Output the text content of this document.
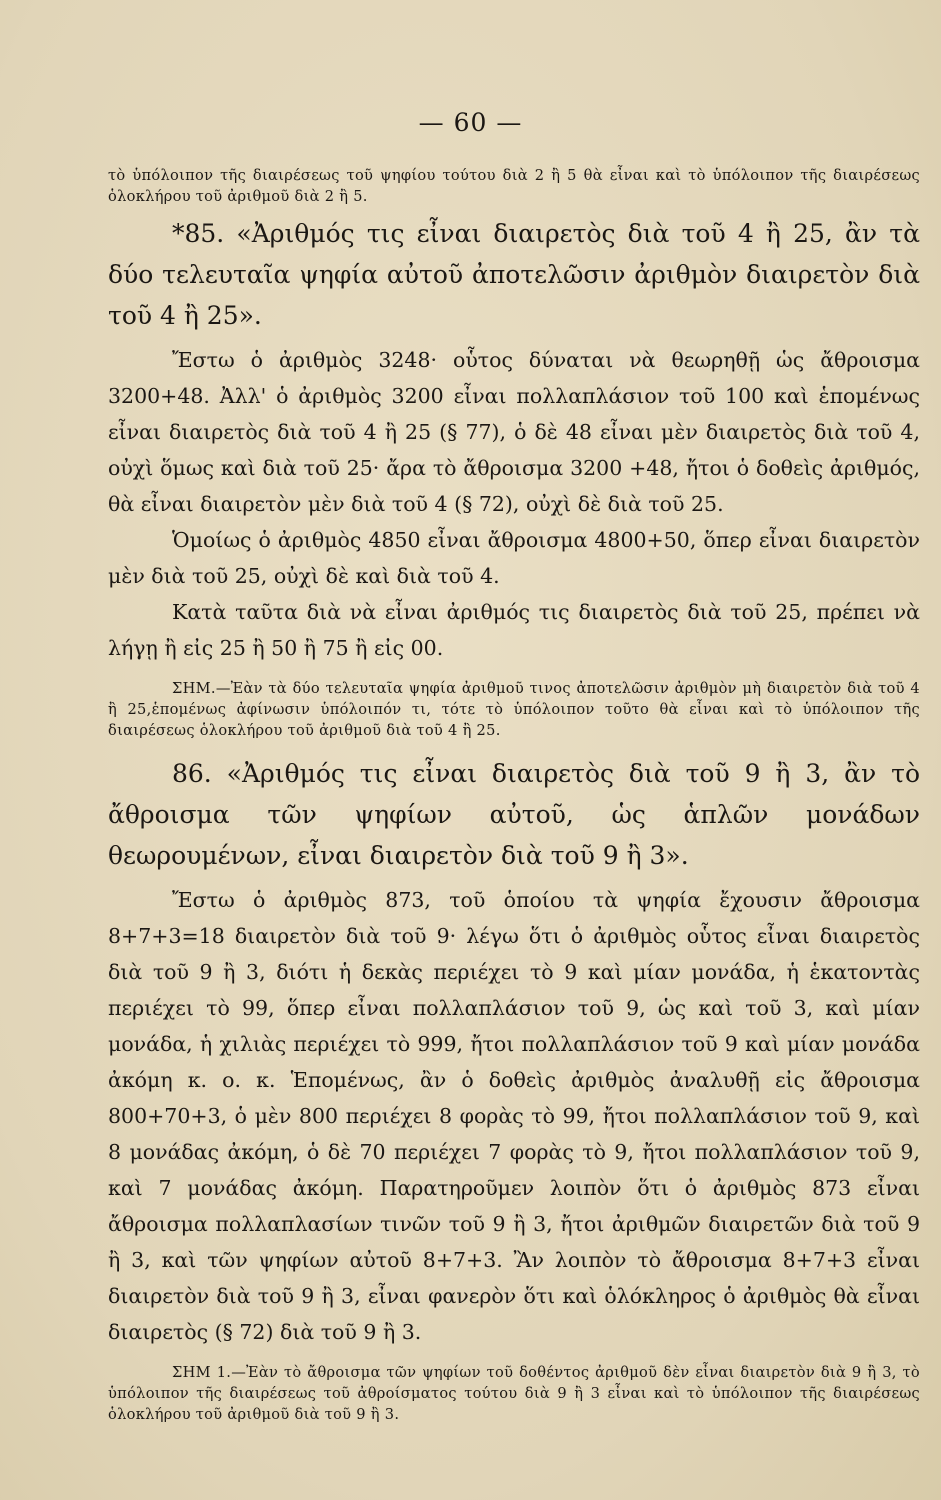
— 60 —

τὸ ὑπόλοιπον τῆς διαιρέσεως τοῦ ψηφίου τούτου διὰ 2 ἢ 5 θὰ εἶναι καὶ τὸ ὑπόλοιπον τῆς διαιρέσεως ὁλοκλήρου τοῦ ἀριθμοῦ διὰ 2 ἢ 5.

*85. «Ἀριθμός τις εἶναι διαιρετὸς διὰ τοῦ 4 ἢ 25, ἂν τὰ δύο τελευταῖα ψηφία αὐτοῦ ἀποτελῶσιν ἀριθμὸν διαιρετὸν διὰ τοῦ 4 ἢ 25».

Ἔστω ὁ ἀριθμὸς 3248· οὗτος δύναται νὰ θεωρηθῇ ὡς ἄθροισμα 3200+48. Ἀλλ' ὁ ἀριθμὸς 3200 εἶναι πολλαπλάσιον τοῦ 100 καὶ ἑπομένως εἶναι διαιρετὸς διὰ τοῦ 4 ἢ 25 (§ 77), ὁ δὲ 48 εἶναι μὲν διαιρετὸς διὰ τοῦ 4, οὐχὶ ὅμως καὶ διὰ τοῦ 25· ἄρα τὸ ἄθροισμα 3200 +48, ἤτοι ὁ δοθεὶς ἀριθμός, θὰ εἶναι διαιρετὸν μὲν διὰ τοῦ 4 (§ 72), οὐχὶ δὲ διὰ τοῦ 25.

Ὁμοίως ὁ ἀριθμὸς 4850 εἶναι ἄθροισμα 4800+50, ὅπερ εἶναι διαιρετὸν μὲν διὰ τοῦ 25, οὐχὶ δὲ καὶ διὰ τοῦ 4.

Κατὰ ταῦτα διὰ νὰ εἶναι ἀριθμός τις διαιρετὸς διὰ τοῦ 25, πρέπει νὰ λήγῃ ἢ εἰς 25 ἢ 50 ἢ 75 ἢ εἰς 00.

ΣΗΜ.—Ἐὰν τὰ δύο τελευταῖα ψηφία ἀριθμοῦ τινος ἀποτελῶσιν ἀριθμὸν μὴ διαιρετὸν διὰ τοῦ 4 ἢ 25,ἑπομένως ἀφίνωσιν ὑπόλοιπόν τι, τότε τὸ ὑπόλοιπον τοῦτο θὰ εἶναι καὶ τὸ ὑπόλοιπον τῆς διαιρέσεως ὁλοκλήρου τοῦ ἀριθμοῦ διὰ τοῦ 4 ἢ 25.

86. «Ἀριθμός τις εἶναι διαιρετὸς διὰ τοῦ 9 ἢ 3, ἂν τὸ ἄθροισμα τῶν ψηφίων αὐτοῦ, ὡς ἁπλῶν μονάδων θεωρουμένων, εἶναι διαιρετὸν διὰ τοῦ 9 ἢ 3».

Ἔστω ὁ ἀριθμὸς 873, τοῦ ὁποίου τὰ ψηφία ἔχουσιν ἄθροισμα 8+7+3=18 διαιρετὸν διὰ τοῦ 9· λέγω ὅτι ὁ ἀριθμὸς οὗτος εἶναι διαιρετὸς διὰ τοῦ 9 ἢ 3, διότι ἡ δεκὰς περιέχει τὸ 9 καὶ μίαν μονάδα, ἡ ἑκατοντὰς περιέχει τὸ 99, ὅπερ εἶναι πολλαπλάσιον τοῦ 9, ὡς καὶ τοῦ 3, καὶ μίαν μονάδα, ἡ χιλιὰς περιέχει τὸ 999, ἤτοι πολλαπλάσιον τοῦ 9 καὶ μίαν μονάδα ἀκόμη κ. ο. κ. Ἑπομένως, ἂν ὁ δοθεὶς ἀριθμὸς ἀναλυθῇ εἰς ἄθροισμα 800+70+3, ὁ μὲν 800 περιέχει 8 φορὰς τὸ 99, ἤτοι πολλαπλάσιον τοῦ 9, καὶ 8 μονάδας ἀκόμη, ὁ δὲ 70 περιέχει 7 φορὰς τὸ 9, ἤτοι πολλαπλάσιον τοῦ 9, καὶ 7 μονάδας ἀκόμη. Παρατηροῦμεν λοιπὸν ὅτι ὁ ἀριθμὸς 873 εἶναι ἄθροισμα πολλαπλασίων τινῶν τοῦ 9 ἢ 3, ἤτοι ἀριθμῶν διαιρετῶν διὰ τοῦ 9 ἢ 3, καὶ τῶν ψηφίων αὐτοῦ 8+7+3. Ἂν λοιπὸν τὸ ἄθροισμα 8+7+3 εἶναι διαιρετὸν διὰ τοῦ 9 ἢ 3, εἶναι φανερὸν ὅτι καὶ ὁλόκληρος ὁ ἀριθμὸς θὰ εἶναι διαιρετὸς (§ 72) διὰ τοῦ 9 ἢ 3.

ΣΗΜ 1.—Ἐὰν τὸ ἄθροισμα τῶν ψηφίων τοῦ δοθέντος ἀριθμοῦ δὲν εἶναι διαιρετὸν διὰ 9 ἢ 3, τὸ ὑπόλοιπον τῆς διαιρέσεως τοῦ ἀθροίσματος τούτου διὰ 9 ἢ 3 εἶναι καὶ τὸ ὑπόλοιπον τῆς διαιρέσεως ὁλοκλήρου τοῦ ἀριθμοῦ διὰ τοῦ 9 ἢ 3.
